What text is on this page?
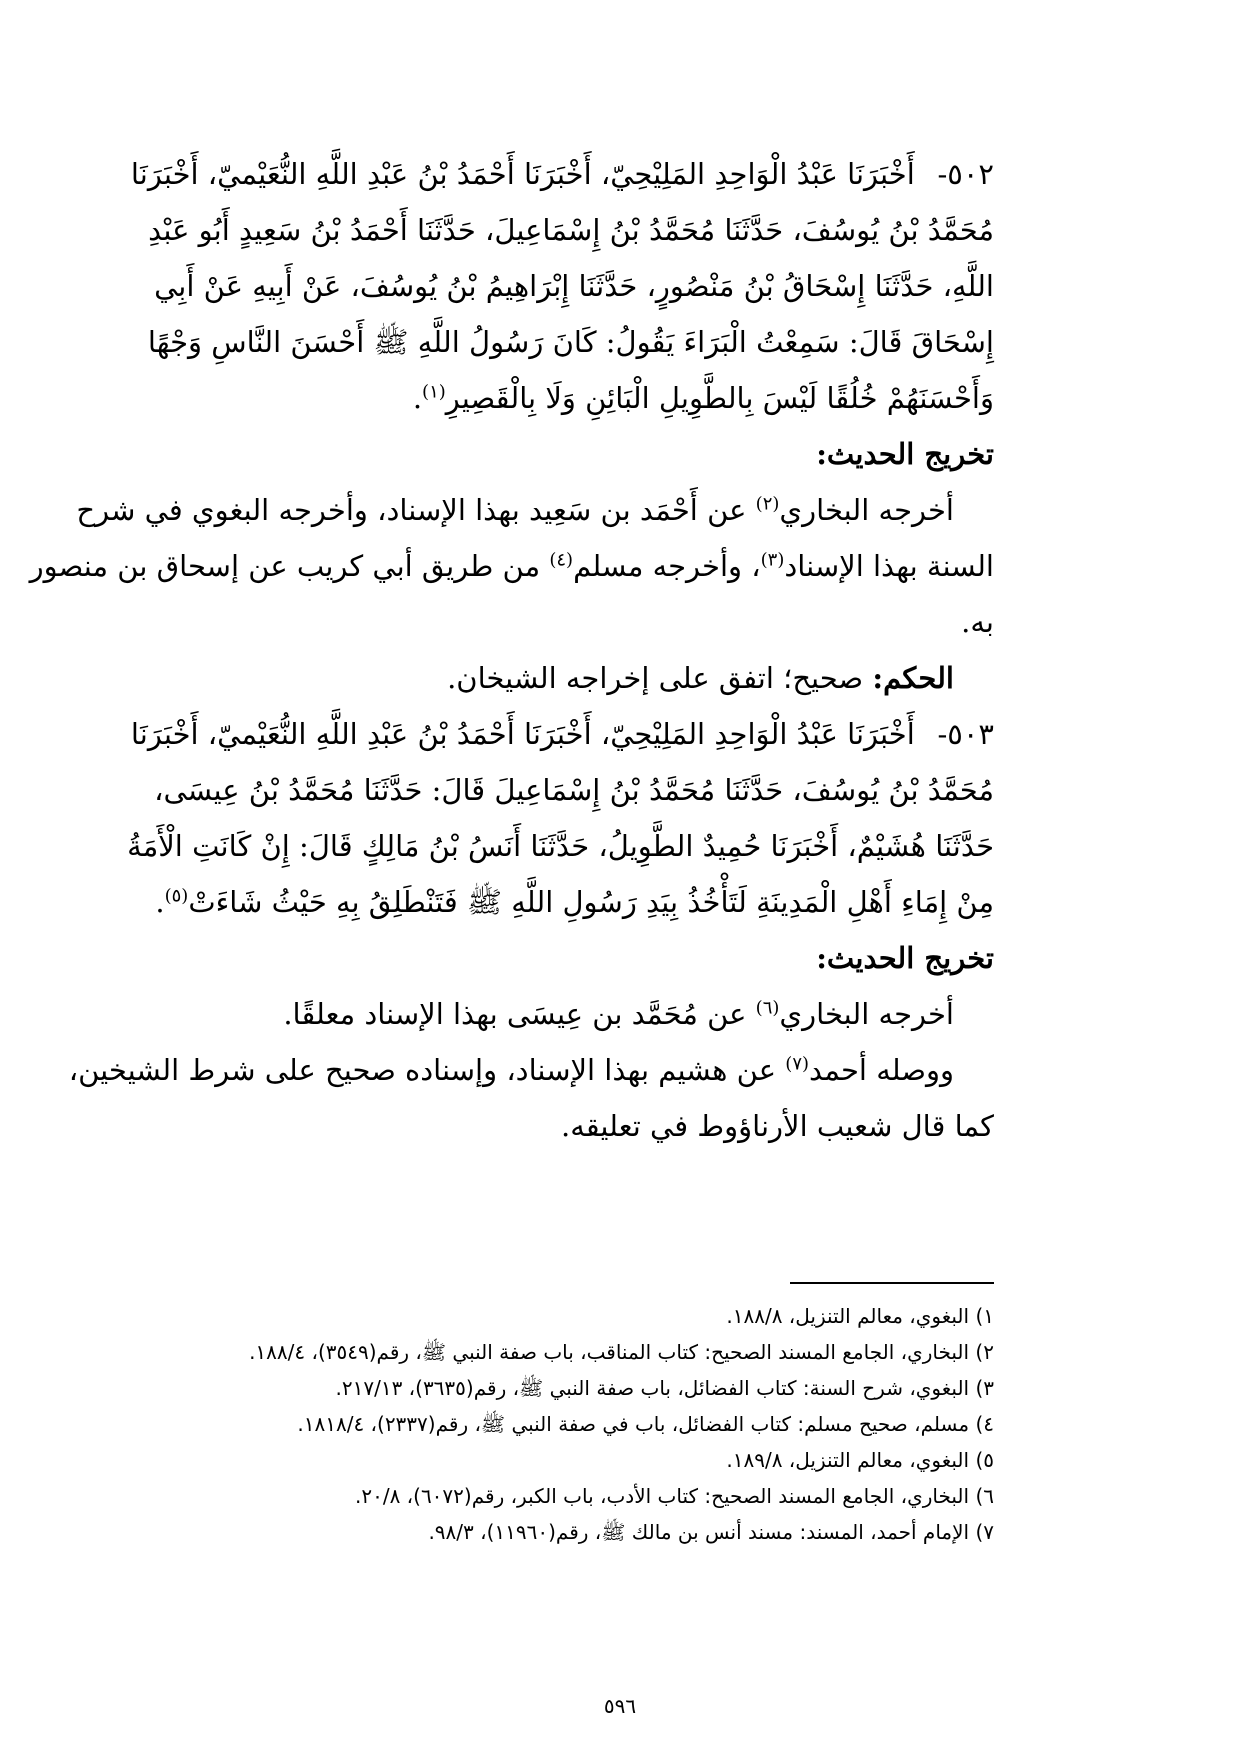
٥٠٢- أَخْبَرَنَا عَبْدُ الْوَاحِدِ المَلِيْحِيّ، أَخْبَرَنَا أَحْمَدُ بْنُ عَبْدِ اللَّهِ النُّعَيْميّ، أَخْبَرَنَا
مُحَمَّدُ بْنُ يُوسُفَ، حَدَّثَنَا مُحَمَّدُ بْنُ إِسْمَاعِيلَ، حَدَّثَنَا أَحْمَدُ بْنُ سَعِيدٍ أَبُو عَبْدِ
اللَّهِ، حَدَّثَنَا إِسْحَاقُ بْنُ مَنْصُورٍ، حَدَّثَنَا إِبْرَاهِيمُ بْنُ يُوسُفَ، عَنْ أَبِيهِ عَنْ أَبِي
إِسْحَاقَ قَالَ: سَمِعْتُ الْبَرَاءَ يَقُولُ: كَانَ رَسُولُ اللَّهِ ﷺ أَحْسَنَ النَّاسِ وَجْهًا
وَأَحْسَنَهُمْ خُلُقًا لَيْسَ بِالطَّوِيلِ الْبَائِنِ وَلَا بِالْقَصِيرِ$^{(١)}$.
تخريج الحديث:
أخرجه البخاري$^{(٢)}$ عن أَحْمَد بن سَعِيد بهذا الإسناد، وأخرجه البغوي في شرح
السنة بهذا الإسناد$^{(٣)}$، وأخرجه مسلم$^{(٤)}$ من طريق أبي كريب عن إسحاق بن منصور
به.
الحكم: صحيح؛ اتفق على إخراجه الشيخان.
٥٠٣- أَخْبَرَنَا عَبْدُ الْوَاحِدِ المَلِيْحِيّ، أَخْبَرَنَا أَحْمَدُ بْنُ عَبْدِ اللَّهِ النُّعَيْميّ، أَخْبَرَنَا
مُحَمَّدُ بْنُ يُوسُفَ، حَدَّثَنَا مُحَمَّدُ بْنُ إِسْمَاعِيلَ قَالَ: حَدَّثَنَا مُحَمَّدُ بْنُ عِيسَى،
حَدَّثَنَا هُشَيْمٌ، أَخْبَرَنَا حُمِيدٌ الطَّوِيلُ، حَدَّثَنَا أَنَسُ بْنُ مَالِكٍ قَالَ: إِنْ كَانَتِ الْأَمَةُ
مِنْ إِمَاءِ أَهْلِ الْمَدِينَةِ لَتَأْخُذُ بِيَدِ رَسُولِ اللَّهِ ﷺ فَتَنْطَلِقُ بِهِ حَيْثُ شَاءَتْ$^{(٥)}$.
تخريج الحديث:
أخرجه البخاري$^{(٦)}$ عن مُحَمَّد بن عِيسَى بهذا الإسناد معلقًا.
ووصله أحمد$^{(٧)}$ عن هشيم بهذا الإسناد، وإسناده صحيح على شرط الشيخين،
كما قال شعيب الأرناؤوط في تعليقه.
١) البغوي، معالم التنزيل، ١٨٨/٨.
٢) البخاري، الجامع المسند الصحيح: كتاب المناقب، باب صفة النبي ﷺ، رقم(٣٥٤٩)، ١٨٨/٤.
٣) البغوي، شرح السنة: كتاب الفضائل، باب صفة النبي ﷺ، رقم(٣٦٣٥)، ٢١٧/١٣.
٤) مسلم، صحيح مسلم: كتاب الفضائل، باب في صفة النبي ﷺ، رقم(٢٣٣٧)، ١٨١٨/٤.
٥) البغوي، معالم التنزيل، ١٨٩/٨.
٦) البخاري، الجامع المسند الصحيح: كتاب الأدب، باب الكبر، رقم(٦٠٧٢)، ٢٠/٨.
٧) الإمام أحمد، المسند: مسند أنس بن مالك ﷺ، رقم(١١٩٦٠)، ٩٨/٣.
٥٩٦
